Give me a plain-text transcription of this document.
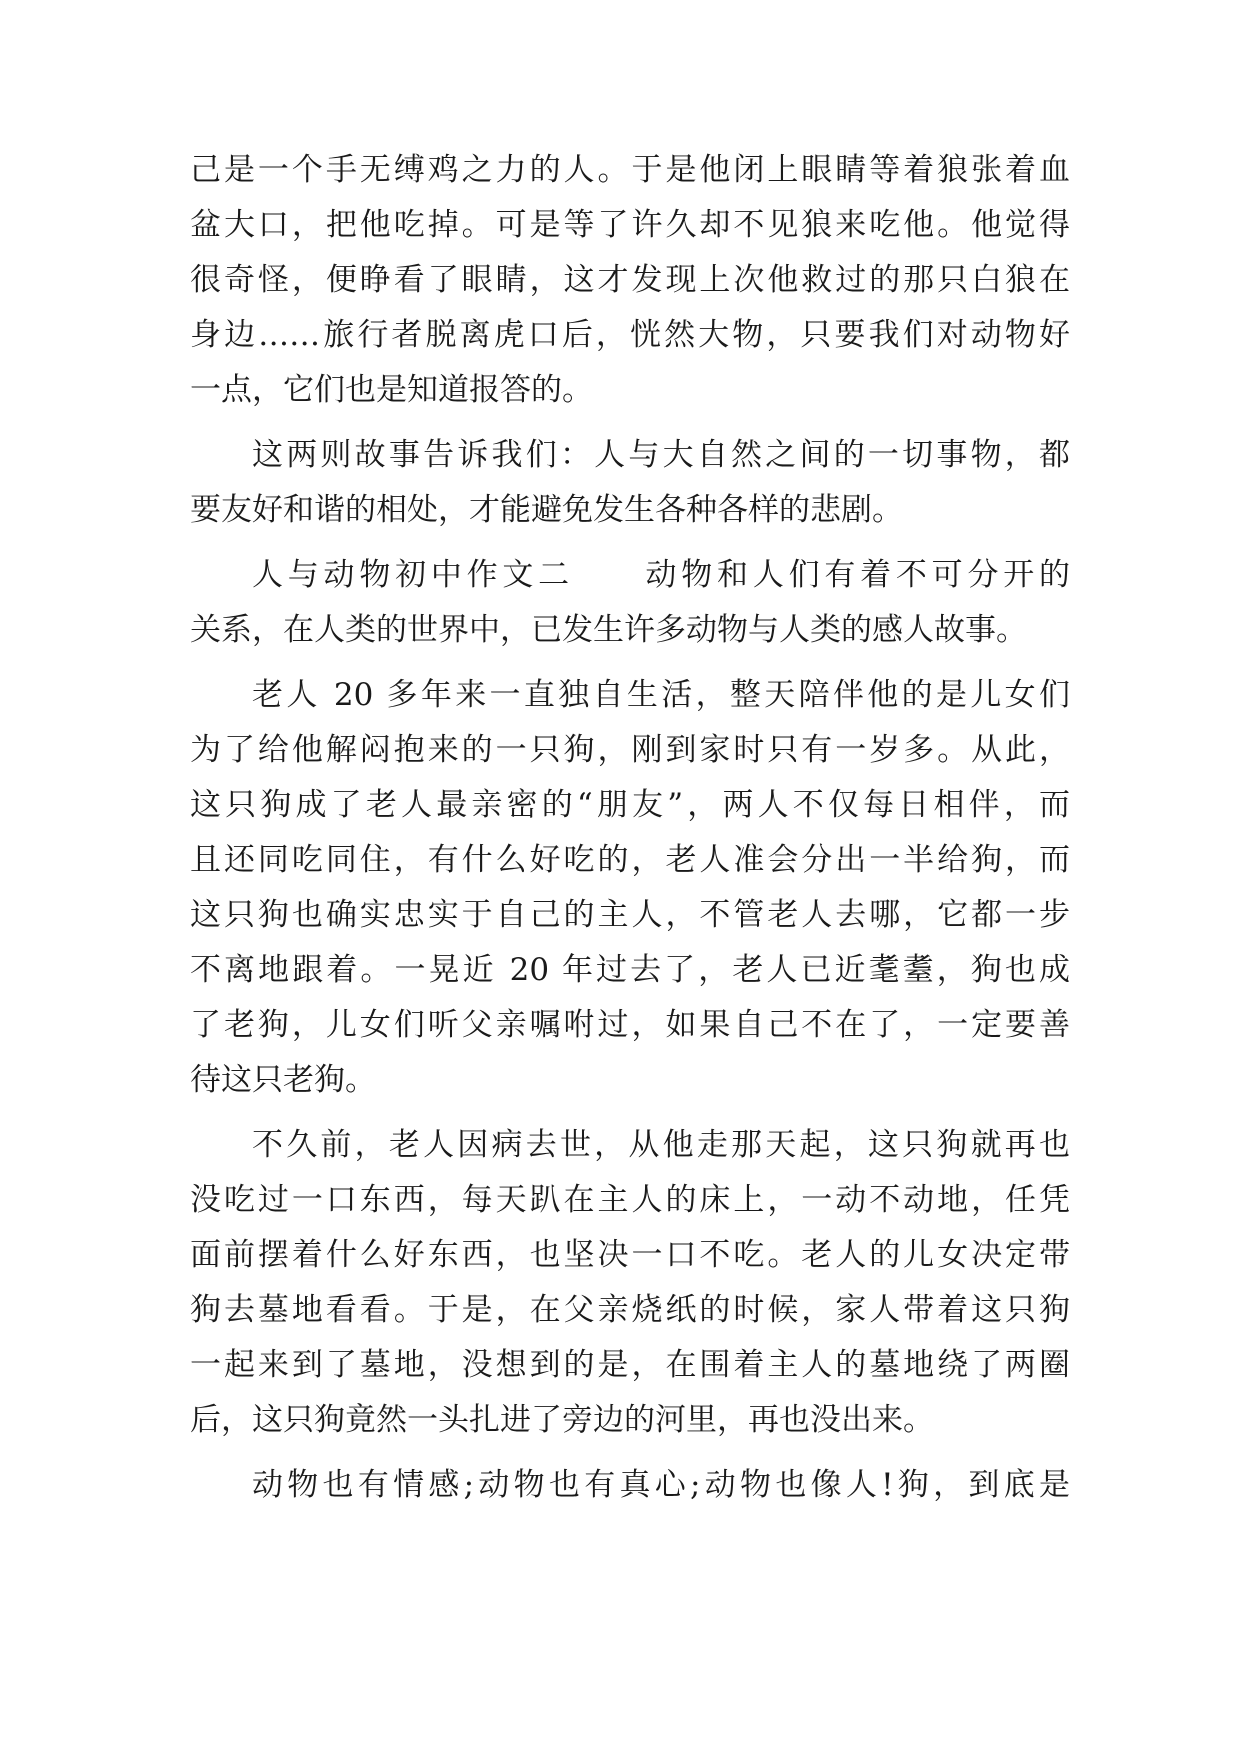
己是一个手无缚鸡之力的人。于是他闭上眼睛等着狼张着血
盆大口，把他吃掉。可是等了许久却不见狼来吃他。他觉得
很奇怪，便睁看了眼睛，这才发现上次他救过的那只白狼在
身边……旅行者脱离虎口后，恍然大物，只要我们对动物好
一点，它们也是知道报答的。
这两则故事告诉我们：人与大自然之间的一切事物，都
要友好和谐的相处，才能避免发生各种各样的悲剧。
人与动物初中作文二　　动物和人们有着不可分开的
关系，在人类的世界中，已发生许多动物与人类的感人故事。
老人 20 多年来一直独自生活，整天陪伴他的是儿女们
为了给他解闷抱来的一只狗，刚到家时只有一岁多。从此，
这只狗成了老人最亲密的“朋友”，两人不仅每日相伴，而
且还同吃同住，有什么好吃的，老人准会分出一半给狗，而
这只狗也确实忠实于自己的主人，不管老人去哪，它都一步
不离地跟着。一晃近 20 年过去了，老人已近耄耋，狗也成
了老狗，儿女们听父亲嘱咐过，如果自己不在了，一定要善
待这只老狗。
不久前，老人因病去世，从他走那天起，这只狗就再也
没吃过一口东西，每天趴在主人的床上，一动不动地，任凭
面前摆着什么好东西，也坚决一口不吃。老人的儿女决定带
狗去墓地看看。于是，在父亲烧纸的时候，家人带着这只狗
一起来到了墓地，没想到的是，在围着主人的墓地绕了两圈
后，这只狗竟然一头扎进了旁边的河里，再也没出来。
动物也有情感;动物也有真心;动物也像人!狗，到底是
